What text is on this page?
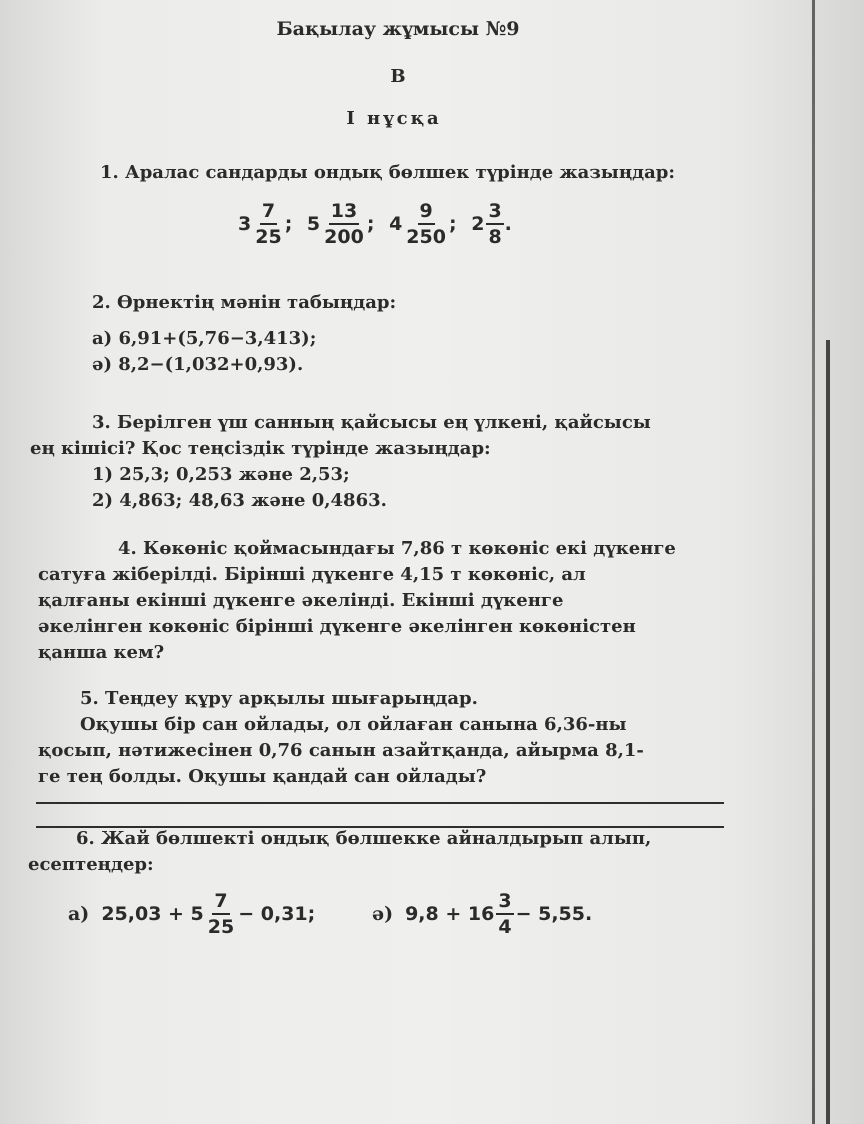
Бақылау жұмысы №9
В
I нұсқа
1. Аралас сандарды ондық бөлшек түрінде жазыңдар:
$3 \frac{7}{25}$ ;
$5 \frac{13}{200}$ ;
$4 \frac{9}{250}$ ;
$2 \frac{3}{8}$ .
2. Өрнектің мәнін табыңдар:
а) 6,91+(5,76−3,413);
ә) 8,2−(1,032+0,93).
3. Берілген үш санның қайсысы ең үлкені, қайсысы
ең кішісі? Қос теңсіздік түрінде жазыңдар:
1) 25,3; 0,253 және 2,53;
2) 4,863; 48,63 және 0,4863.
4. Көкөніс қоймасындағы 7,86 т көкөніс екі дүкенге
сатуға жіберілді. Бірінші дүкенге 4,15 т көкөніс, ал
қалғаны екінші дүкенге әкелінді. Екінші дүкенге
әкелінген көкөніс бірінші дүкенге әкелінген көкөністен
қанша кем?
5. Теңдеу құру арқылы шығарыңдар.
Оқушы бір сан ойлады, ол ойлаған санына 6,36-ны
қосып, нәтижесінен 0,76 санын азайтқанда, айырма 8,1-
ге тең болды. Оқушы қандай сан ойлады?
6. Жай бөлшекті ондық бөлшекке айналдырып алып,
есептеңдер:
а) $25,03 + 5 \frac{7}{25} - 0,31$;	ә) $9,8 + 16 \frac{3}{4} - 5,55$.
